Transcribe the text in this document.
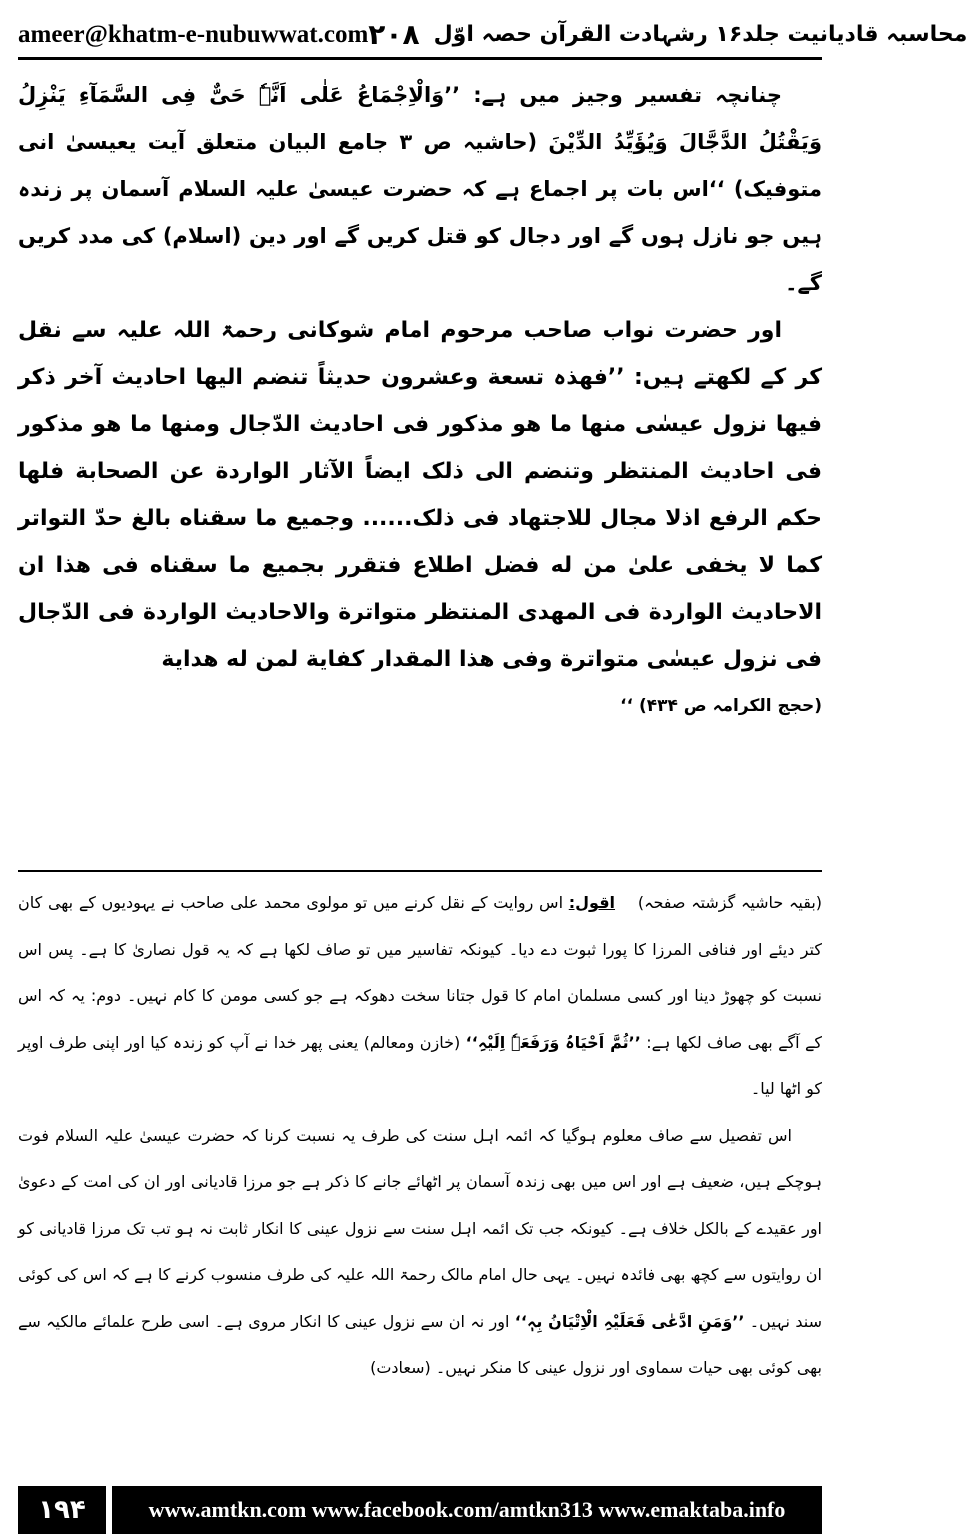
ameer@khatm-e-nubuwwat.com	محاسبہ قادیانیت جلد۱۶ رشہادت القرآن حصہ اوّل
۲۰۸

چنانچہ تفسیر وجیز میں ہے: ’’وَالْاِجْمَاعُ عَلٰی اَنَّہٗ حَیٌّ فِی السَّمَآءِ یَنْزِلُ وَیَقْتُلُ الدَّجَّالَ وَیُؤَیِّدُ الدِّیْنَ (حاشیہ ص ۳ جامع البیان متعلق آیت یعیسیٰ انی متوفیک) ‘‘اس بات پر اجماع ہے کہ حضرت عیسیٰ علیہ السلام آسمان پر زندہ ہیں جو نازل ہوں گے اور دجال کو قتل کریں گے اور دین (اسلام) کی مدد کریں گے۔

اور حضرت نواب صاحب مرحوم امام شوکانی رحمۃ اللہ علیہ سے نقل کر کے لکھتے ہیں: ’’فھذہ تسعة وعشرون حدیثاً تنضم الیها احادیث آخر ذکر فیها نزول عیسٰی منها ما هو مذکور فی احادیث الدّجال ومنها ما هو مذکور فی احادیث المنتظر وتنضم الی ذلک ایضاً الآثار الواردة عن الصحابة فلها حکم الرفع اذلا مجال للاجتهاد فی ذلک...... وجمیع ما سقناه بالغ حدّ التواتر کما لا یخفی علیٰ من له فضل اطلاع فتقرر بجمیع ما سقناه فی هذا ان الاحادیث الواردة فی المهدی المنتظر متواترة والاحادیث الواردة فی الدّجال فی نزول عیسٰی متواترة وفی هذا المقدار کفایة لمن له هدایة

(حجج الکرامہ ص ۴۳۴) ‘‘

(بقیہ حاشیہ گزشتہ صفحہ)    اقول: اس روایت کے نقل کرنے میں تو مولوی محمد علی صاحب نے یہودیوں کے بھی کان کتر دیئے اور فنافی المرزا کا پورا ثبوت دے دیا۔ کیونکہ تفاسیر میں تو صاف لکھا ہے کہ یہ قول نصاریٰ کا ہے۔ پس اس نسبت کو چھوڑ دینا اور کسی مسلمان امام کا قول جتانا سخت دھوکہ ہے جو کسی مومن کا کام نہیں۔ دوم: یہ کہ اس کے آگے بھی صاف لکھا ہے: ’’ثُمَّ اَحْیَاہُ وَرَفَعَہٗ اِلَیْہِ‘‘ (خازن ومعالم) یعنی پھر خدا نے آپ کو زندہ کیا اور اپنی طرف اوپر کو اٹھا لیا۔

اس تفصیل سے صاف معلوم ہوگیا کہ ائمہ اہل سنت کی طرف یہ نسبت کرنا کہ حضرت عیسیٰ علیہ السلام فوت ہوچکے ہیں، ضعیف ہے اور اس میں بھی زندہ آسمان پر اٹھائے جانے کا ذکر ہے جو مرزا قادیانی اور ان کی امت کے دعویٰ اور عقیدے کے بالکل خلاف ہے۔ کیونکہ جب تک ائمہ اہل سنت سے نزول عینی کا انکار ثابت نہ ہو تب تک مرزا قادیانی کو ان روایتوں سے کچھ بھی فائدہ نہیں۔ یہی حال امام مالک رحمۃ اللہ علیہ کی طرف منسوب کرنے کا ہے کہ اس کی کوئی سند نہیں۔ ’’وَمَنِ ادَّعٰی فَعَلَیْہِ الْاِتْیَانُ بِہٖ‘‘ اور نہ ان سے نزول عینی کا انکار مروی ہے۔ اسی طرح علمائے مالکیہ سے بھی کوئی بھی حیات سماوی اور نزول عینی کا منکر نہیں۔ (سعادت)

۱۹۴	www.amtkn.com www.facebook.com/amtkn313 www.emaktaba.info
